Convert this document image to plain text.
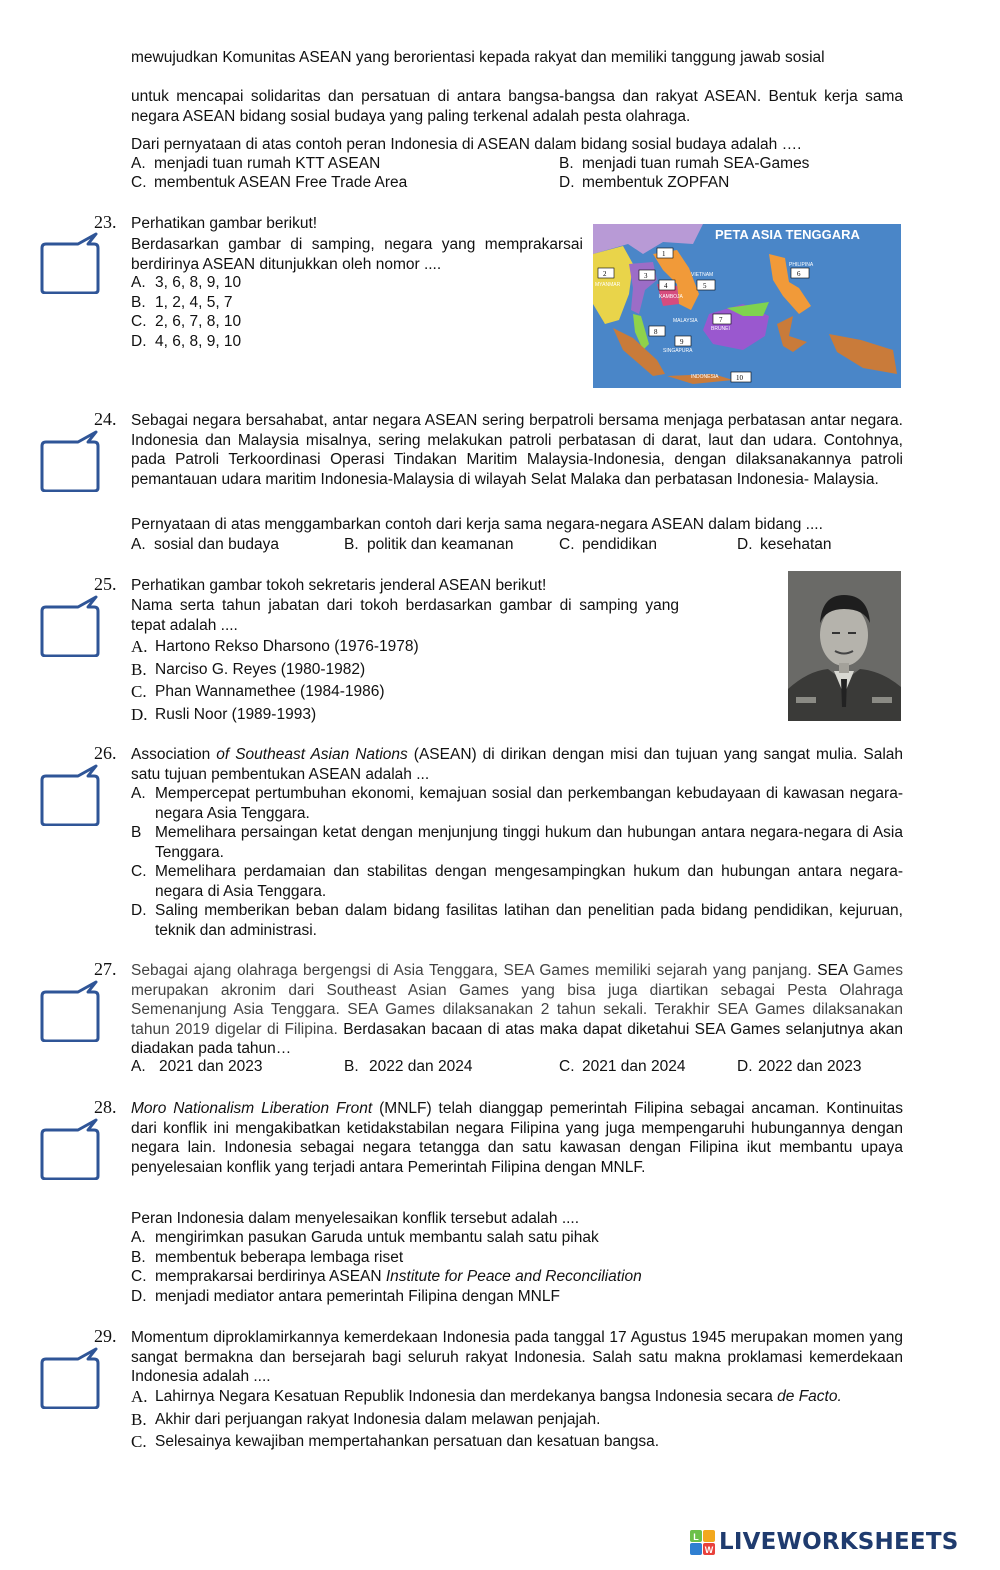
mewujudkan Komunitas ASEAN yang berorientasi kepada rakyat dan memiliki tanggung jawab sosial
untuk mencapai solidaritas dan persatuan di antara bangsa-bangsa dan rakyat ASEAN. Bentuk kerja sama negara ASEAN bidang sosial budaya yang paling terkenal adalah pesta olahraga.
Dari pernyataan di atas contoh peran Indonesia di ASEAN dalam bidang sosial budaya adalah ….
A. menjadi tuan rumah KTT ASEAN	B. menjadi tuan rumah SEA-Games
C. membentuk ASEAN Free Trade Area	D. membentuk ZOPFAN
23. Perhatikan gambar berikut!
Berdasarkan gambar di samping, negara yang memprakarsai berdirinya ASEAN ditunjukkan oleh nomor ....
A. 3, 6, 8, 9, 10
B. 1, 2, 4, 5, 7
C. 2, 6, 7, 8, 10
D. 4, 6, 8, 9, 10
PETA ASIA TENGGARA
MYANMAR
VIETNAM
KAMBOJA
PHILIPINA
MALAYSIA
BRUNEI
SINGAPURA
INDONESIA
1
2	3
4	5
6
7
8
9
10
24. Sebagai negara bersahabat, antar negara ASEAN sering berpatroli bersama menjaga perbatasan antar negara. Indonesia dan Malaysia misalnya, sering melakukan patroli perbatasan di darat, laut dan udara. Contohnya, pada Patroli Terkoordinasi Operasi Tindakan Maritim Malaysia-Indonesia, dengan dilaksanakannya patroli pemantauan udara maritim Indonesia-Malaysia di wilayah Selat Malaka dan perbatasan Indonesia- Malaysia.
Pernyataan di atas menggambarkan contoh dari kerja sama negara-negara ASEAN dalam bidang ....
A. sosial dan budaya	B. politik dan keamanan	C. pendidikan	D. kesehatan
25. Perhatikan gambar tokoh sekretaris jenderal ASEAN berikut!
Nama serta tahun jabatan dari tokoh berdasarkan gambar di samping yang tepat adalah ....
A. Hartono Rekso Dharsono (1976-1978)
B. Narciso G. Reyes (1980-1982)
C. Phan Wannamethee (1984-1986)
D. Rusli Noor (1989-1993)
26. Association of Southeast Asian Nations (ASEAN) di dirikan dengan misi dan tujuan yang sangat mulia. Salah satu tujuan pembentukan ASEAN adalah ...
A. Mempercepat pertumbuhan ekonomi, kemajuan sosial dan perkembangan kebudayaan di kawasan negara-negara Asia Tenggara.
B Memelihara persaingan ketat dengan menjunjung tinggi hukum dan hubungan antara negara-negara di Asia Tenggara.
C. Memelihara perdamaian dan stabilitas dengan mengesampingkan hukum dan hubungan antara negara-negara di Asia Tenggara.
D. Saling memberikan beban dalam bidang fasilitas latihan dan penelitian pada bidang pendidikan, kejuruan, teknik dan administrasi.
27. Sebagai ajang olahraga bergengsi di Asia Tenggara, SEA Games memiliki sejarah yang panjang. SEA Games merupakan akronim dari Southeast Asian Games yang bisa juga diartikan sebagai Pesta Olahraga Semenanjung Asia Tenggara. SEA Games dilaksanakan 2 tahun sekali. Terakhir SEA Games dilaksanakan tahun 2019 digelar di Filipina. Berdasakan bacaan di atas maka dapat diketahui SEA Games selanjutnya akan diadakan pada tahun…
A. 2021 dan 2023	B. 2022 dan 2024	C. 2021 dan 2024	D. 2022 dan 2023
28. Moro Nationalism Liberation Front (MNLF) telah dianggap pemerintah Filipina sebagai ancaman. Kontinuitas dari konflik ini mengakibatkan ketidakstabilan negara Filipina yang juga mempengaruhi hubungannya dengan negara lain. Indonesia sebagai negara tetangga dan satu kawasan dengan Filipina ikut membantu upaya penyelesaian konflik yang terjadi antara Pemerintah Filipina dengan MNLF.
Peran Indonesia dalam menyelesaikan konflik tersebut adalah ....
A. mengirimkan pasukan Garuda untuk membantu salah satu pihak
B. membentuk beberapa lembaga riset
C. memprakarsai berdirinya ASEAN Institute for Peace and Reconciliation
D. menjadi mediator antara pemerintah Filipina dengan MNLF
29. Momentum diproklamirkannya kemerdekaan Indonesia pada tanggal 17 Agustus 1945 merupakan momen yang sangat bermakna dan bersejarah bagi seluruh rakyat Indonesia. Salah satu makna proklamasi kemerdekaan Indonesia adalah ....
A. Lahirnya Negara Kesatuan Republik Indonesia dan merdekanya bangsa Indonesia secara de Facto.
B. Akhir dari perjuangan rakyat Indonesia dalam melawan penjajah.
C. Selesainya kewajiban mempertahankan persatuan dan kesatuan bangsa.
L
W LIVEWORKSHEETS
